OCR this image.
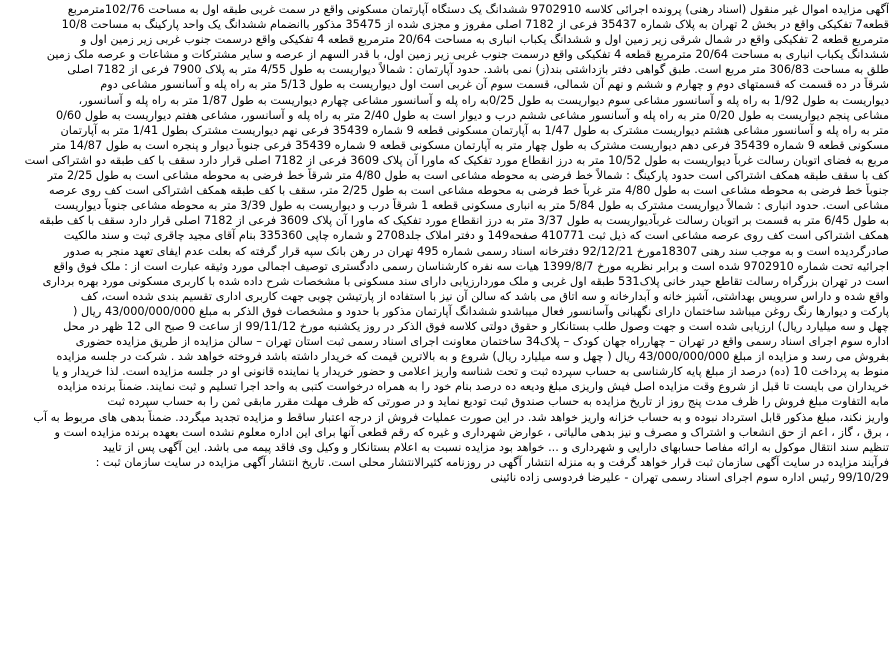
آگهی مزایده اموال غیر منقول (اسناد رهنی) پرونده اجرائی کلاسه 9702910 ششدانگ یک دستگاه آپارتمان مسکونی واقع در سمت غربی طبقه اول به مساحت 102/76مترمربع
قطعه7 تفکیکی واقع در بخش 2 تهران به پلاک شماره 35437 فرعی از 7182 اصلی مفروز و مجزی شده از 35475 مذکور باانضمام ششدانگ یک واحد پارکینگ به مساحت 10/8
مترمربع قطعه 2 تفکیکی واقع در شمال شرقی زیر زمین اول و ششدانگ یکباب انباری به مساحت 20/64 مترمربع قطعه 4 تفکیکی واقع درسمت جنوب غربی زیر زمین اول و
ششدانگ یکباب انباری به مساحت 20/64 مترمربع قطعه 4 تفکیکی واقع درسمت جنوب غربی زیر زمین اول، با قدر السهم از عرصه و سایر مشترکات و مشاعات و عرصه ملک زمین
طلق به مساحت 306/83 متر مربع است. طبق گواهی دفتر بازداشتی بند(ز) نمی باشد. حدود آپارتمان : شمالاً دیواریست به طول 4/55 متر به پلاک 7900 فرعی از 7182 اصلی
شرقاً در ده قسمت که قسمتهای دوم و چهارم و ششم و نهم آن شمالی، قسمت سوم آن غربی است اول دیواریست به طول 5/13 متر به راه پله و آسانسور مشاعی دوم
دیواریست به طول 1/92 به راه پله و آسانسور مشاعی سوم دیواریست به طول 0/25به راه پله و آسانسور مشاعی چهارم دیواریست به طول 1/87 متر به راه پله و آسانسور،
مشاعی پنجم دیواریست به طول 0/20 متر به راه پله و آسانسور مشاعی ششم درب و دیوار است به طول 2/40 متر به راه پله و آسانسور، مشاعی هفتم دیواریست به طول 0/60
متر به راه پله و آسانسور مشاعی هشتم دیواریست مشترک به طول 1/47 به آپارتمان مسکونی قطعه 9 شماره 35439 فرعی نهم دیواریست مشترک بطول 1/41 متر به آپارتمان
مسکونی قطعه 9 شماره 35439 فرعی دهم دیواریست مشترک به طول چهار متر به آپارتمان مسکونی قطعه 9 شماره 35439 فرعی جنوباً دیوار و پنجره است به طول 14/87 متر
مربع به فضای اتوبان رسالت غرباً دیواریست به طول 10/52 متر به درز انقطاع مورد تفکیک که ماورا آن پلاک 3609 فرعی از 7182 اصلی قرار دارد سقف با کف طبقه دو اشتراکی است
کف با سقف طبقه همکف اشتراکی است حدود پارکینگ : شمالاً خط فرضی به محوطه مشاعی است به طول 4/80 متر شرقاً خط فرضی به محوطه مشاعی است به طول 2/25 متر
جنوباً خط فرضی به محوطه مشاعی است به طول 4/80 متر غرباً خط فرضی به محوطه مشاعی است به طول 2/25 متر، سقف با کف طبقه همکف اشتراکی است کف روی عرصه
مشاعی است. حدود انباری : شمالاً دیواریست مشترک به طول 5/84 متر به انباری مسکونی قطعه 1 شرقاً درب و دیواریست به طول 3/39 متر به محوطه مشاعی جنوباً دیواریست
به طول 6/45 متر به قسمت بر اتوبان رسالت غرباًدیواریست به طول 3/37 متر به درز انقطاع مورد تفکیک که ماورا آن پلاک 3609 فرعی از 7182 اصلی قرار دارد سقف با کف طبقه
همکف اشتراکی است کف روی عرصه مشاعی است که ذیل ثبت 410771 صفحه149 و دفتر املاک جلد2708 و شماره چاپی 335360 بنام آقای مجید چاقری ثبت و سند مالکیت
صادرگردیده است و به موجب سند رهنی 18307مورخ 92/12/21 دفترخانه اسناد رسمی شماره 495 تهران در رهن بانک سپه قرار گرفته که بعلت عدم ایفای تعهد منجر به صدور
اجرائیه تحت شماره 9702910 شده است و برابر نظریه مورخ 1399/8/7 هیات سه نفره کارشناسان رسمی دادگستری توصیف اجمالی مورد وثیقه عبارت است از : ملک فوق واقع
است در تهران بزرگراه رسالت تقاطع حیدر خانی پلاک531 طبقه اول غربی و ملک موردارزیابی دارای سند مسکونی با مشخصات شرح داده شده با کاربری مسکونی مورد بهره برداری
واقع شده و داراس سرویس بهداشتی، آشپز خانه و آبدارخانه و سه اتاق می باشد که سالن آن نیز با استفاده از پارتیشن چوبی جهت کاربری اداری تقسیم بندی شده است، کف
پارکت و دیوارها رنگ روغن میباشد ساختمان دارای نگهبانی وآسانسور فعال میباشدو ششدانگ آپارتمان مذکور با حدود و مشخصات فوق الذکر به مبلغ 43/000/000/000 ریال (
چهل و سه میلیارد ریال) ارزیابی شده است و جهت وصول طلب بستانکار و حقوق دولتی کلاسه فوق الذکر در روز یکشنبه مورخ 99/11/12 از ساعت 9 صبح الی 12 ظهر در محل
اداره سوم اجرای اسناد رسمی واقع در تهران – چهارراه جهان کودک – پلاک34 ساختمان معاونت اجرای اسناد رسمی ثبت استان تهران – سالن مزایده از طریق مزایده حضوری
بفروش می رسد و مزایده از مبلغ 43/000/000/000 ریال ( چهل و سه میلیارد ریال) شروع و به بالاترین قیمت که خریدار داشته باشد فروخته خواهد شد . شرکت در جلسه مزایده
منوط به پرداخت 10 (ده) درصد از مبلغ پایه کارشناسی به حساب سپرده ثبت و تحت شناسه واریز اعلامی و حضور خریدار یا نماینده قانونی او در جلسه مزایده است. لذا خریدار و یا
خریداران می بایست تا قبل از شروع وقت مزایده اصل فیش واریزی مبلغ ودیعه ده درصد بنام خود را به همراه درخواست کتبی به واحد اجرا تسلیم و ثبت نمایند. ضمناً برنده مزایده
مابه التفاوت مبلغ فروش را ظرف مدت پنج روز از تاریخ مزایده به حساب صندوق ثبت تودیع نماید و در صورتی که ظرف مهلت مقرر مابقی ثمن را به حساب سپرده ثبت
واریز نکند، مبلغ مذکور قابل استرداد نبوده و به حساب خزانه واریز خواهد شد. در این صورت عملیات فروش از درجه اعتبار ساقط و مزایده تجدید میگردد. ضمناً بدهی های مربوط به آب
، برق ، گاز ، اعم از حق انشعاب و اشتراک و مصرف و نیز بدهی مالیاتی ، عوارض شهرداری و غیره که رقم قطعی آنها برای این اداره معلوم نشده است بعهده برنده مزایده است و
تنظیم سند انتقال موکول به ارائه مفاصا حسابهای دارایی و شهرداری و ... خواهد بود مزایده نسبت به اعلام بستانکار و وکیل وی فاقد پیمه می باشد. این آگهی پس از تایید
فرآیند مزایده در سایت آگهی سازمان ثبت قرار خواهد گرفت و به منزله انتشار آگهی در روزنامه کثیرالانتشار محلی است. تاریخ انتشار آگهی مزایده در سایت سازمان ثبت :
99/10/29 رئیس اداره سوم اجرای اسناد رسمی تهران - علیرضا فردوسی زاده نائینی
